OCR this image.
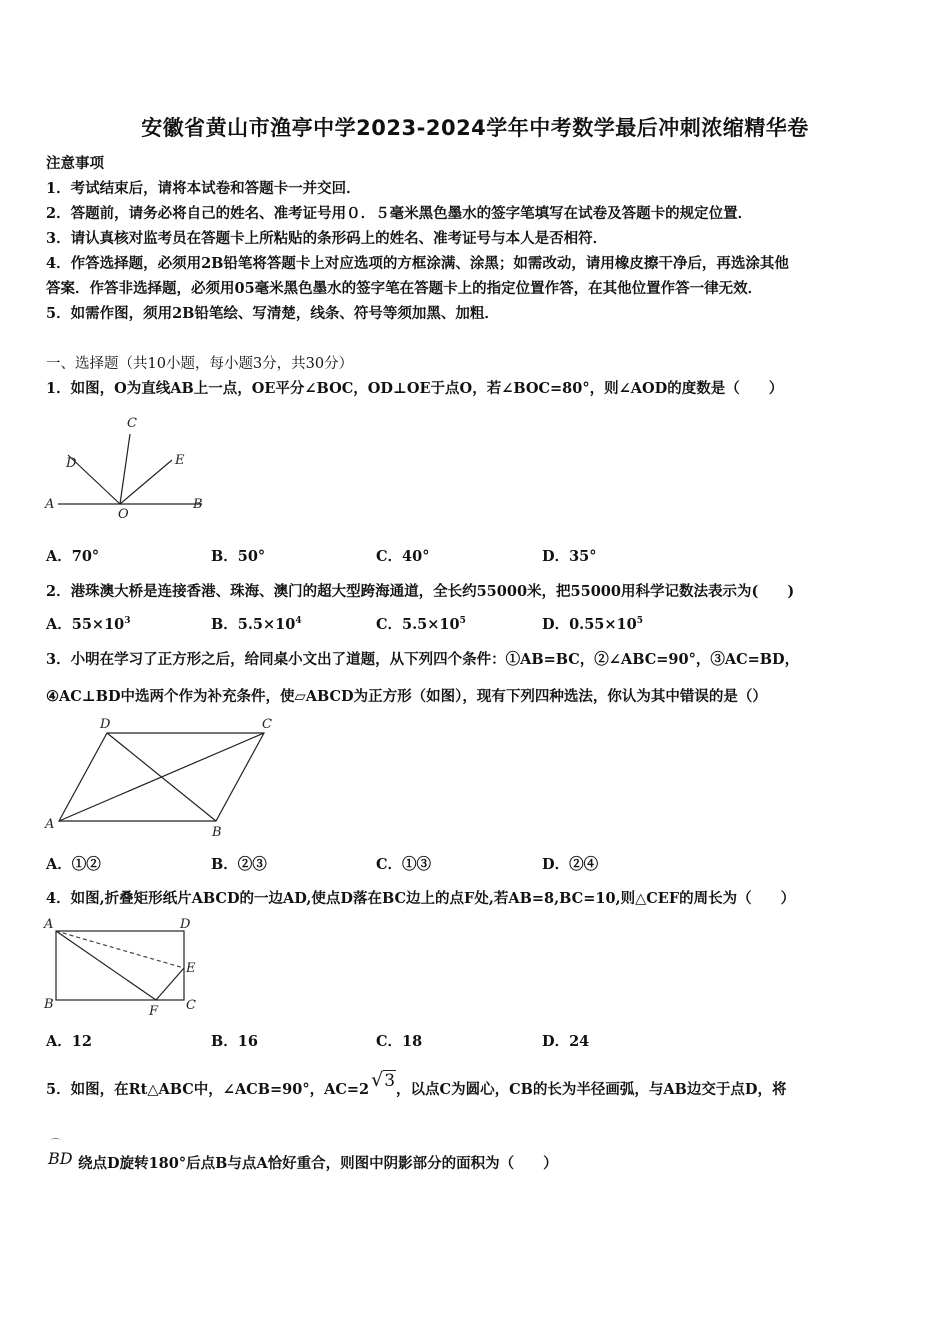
安徽省黄山市渔亭中学2023-2024学年中考数学最后冲刺浓缩精华卷
注意事项
1．考试结束后，请将本试卷和答题卡一并交回．
2．答题前，请务必将自己的姓名、准考证号用０．５毫米黑色墨水的签字笔填写在试卷及答题卡的规定位置．
3．请认真核对监考员在答题卡上所粘贴的条形码上的姓名、准考证号与本人是否相符．
4．作答选择题，必须用2B铅笔将答题卡上对应选项的方框涂满、涂黑；如需改动，请用橡皮擦干净后，再选涂其他
答案．作答非选择题，必须用05毫米黑色墨水的签字笔在答题卡上的指定位置作答，在其他位置作答一律无效．
5．如需作图，须用2B铅笔绘、写清楚，线条、符号等须加黑、加粗．
一、选择题（共10小题，每小题3分，共30分）
1．如图，O为直线AB上一点，OE平分∠BOC，OD⊥OE于点O，若∠BOC=80°，则∠AOD的度数是（　　）
C
D	E
A
O
B
A．70°	B．50°	C．40°	D．35°
2．港珠澳大桥是连接香港、珠海、澳门的超大型跨海通道，全长约55000米，把55000用科学记数法表示为(　　)
A．$55\times 10^3$	B．$5.5\times 10^4$	C．$5.5\times 10^5$	D．$0.55\times 10^5$
3．小明在学习了正方形之后，给同桌小文出了道题，从下列四个条件：①AB=BC，②∠ABC=90°，③AC=BD，
④AC⊥BD中选两个作为补充条件，使▱ABCD为正方形（如图），现有下列四种选法，你认为其中错误的是（）
D	C
A
B
A．①②	B．②③	C．①③	D．②④
4．如图,折叠矩形纸片ABCD的一边AD,使点D落在BC边上的点F处,若AB=8,BC=10,则△CEF的周长为（　　）
A	D
E
B	F C
A．12	B．16	C．18	D．24
5．如图，在Rt△ABC中，∠ACB=90°，AC=2 √3，以点C为圆心，CB的长为半径画弧，与AB边交于点D，将
⌒
BD 绕点D旋转180°后点B与点A恰好重合，则图中阴影部分的面积为（　　）
